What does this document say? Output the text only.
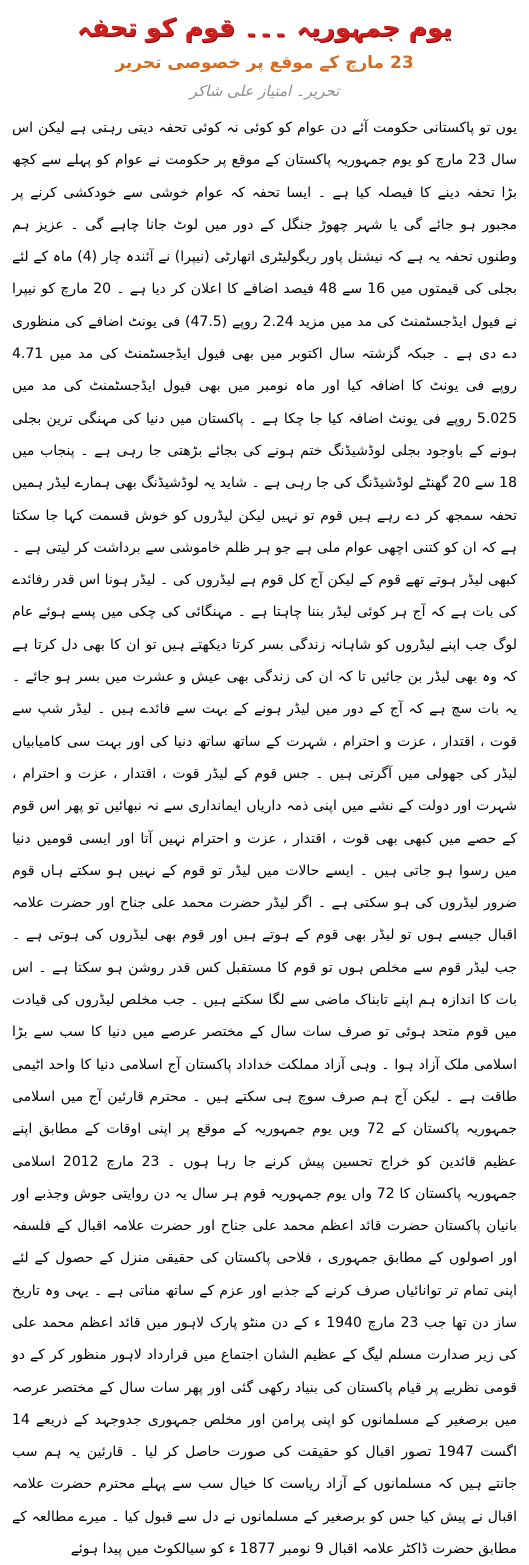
یوم جمہوریہ ۔۔۔ قوم کو تحفہ
23 مارچ کے موقع پر خصوصی تحریر
تحریر۔ امتیاز علی شاکر

یوں تو پاکستانی حکومت آئے دن عوام کو کوئی نہ کوئی تحفہ دیتی رہتی ہے لیکن اس سال 23 مارچ کو یوم جمہوریہ پاکستان کے موقع پر حکومت نے عوام کو پہلے سے کچھ بڑا تحفہ دینے کا فیصلہ کیا ہے ۔ ایسا تحفہ کہ عوام خوشی سے خودکشی کرنے پر مجبور ہو جائے گی یا شہر چھوڑ جنگل کے دور میں لوٹ جانا چاہے گی ۔ عزیز ہم وطنوں تحفہ یہ ہے کہ نیشنل پاور ریگولیٹری اتھارٹی (نیپرا) نے آئندہ چار (4) ماہ کے لئے بجلی کی قیمتوں میں 16 سے 48 فیصد اضافے کا اعلان کر دیا ہے ۔ 20 مارچ کو نیپرا نے فیول ایڈجسٹمنٹ کی مد میں مزید 2.24 روپے (47.5) فی یونٹ اضافے کی منظوری دے دی ہے ۔ جبکہ گزشتہ سال اکتوبر میں بھی فیول ایڈجسٹمنٹ کی مد میں 4.71 روپے فی یونٹ کا اضافہ کیا اور ماہ نومبر میں بھی فیول ایڈجسٹمنٹ کی مد میں 5.025 روپے فی یونٹ اضافہ کیا جا چکا ہے ۔ پاکستان میں دنیا کی مہنگی ترین بجلی ہونے کے باوجود بجلی لوڈشیڈنگ ختم ہونے کی بجائے بڑھتی جا رہی ہے ۔ پنجاب میں 18 سے 20 گھنٹے لوڈشیڈنگ کی جا رہی ہے ۔ شاید یہ لوڈشیڈنگ بھی ہمارے لیڈر ہمیں تحفہ سمجھ کر دے رہے ہیں قوم تو نہیں لیکن لیڈروں کو خوش قسمت کہا جا سکتا ہے کہ ان کو کتنی اچھی عوام ملی ہے جو ہر ظلم خاموشی سے برداشت کر لیتی ہے ۔ کبھی لیڈر ہوتے تھے قوم کے لیکن آج کل قوم ہے لیڈروں کی ۔ لیڈر ہونا اس قدر رفائدے کی بات ہے کہ آج ہر کوئی لیڈر بننا چاہتا ہے ۔ مہنگائی کی چکی میں پسے ہوئے عام لوگ جب اپنے لیڈروں کو شاہانہ زندگی بسر کرتا دیکھتے ہیں تو ان کا بھی دل کرتا ہے کہ وہ بھی لیڈر بن جائیں تا کہ ان کی زندگی بھی عیش و عشرت میں بسر ہو جائے ۔ یہ بات سچ ہے کہ آج کے دور میں لیڈر ہونے کے بہت سے فائدے ہیں ۔ لیڈر شپ سے قوت ، اقتدار ، عزت و احترام ، شہرت کے ساتھ ساتھ دنیا کی اور بہت سی کامیابیاں لیڈر کی جھولی میں آگرتی ہیں ۔ جس قوم کے لیڈر قوت ، اقتدار ، عزت و احترام ، شہرت اور دولت کے نشے میں اپنی ذمہ داریاں ایمانداری سے نہ نبھائیں تو پھر اس قوم کے حصے میں کبھی بھی قوت ، اقتدار ، عزت و احترام نہیں آتا اور ایسی قومیں دنیا میں رسوا ہو جاتی ہیں ۔ ایسے حالات میں لیڈر تو قوم کے نہیں ہو سکتے ہاں قوم ضرور لیڈروں کی ہو سکتی ہے ۔ اگر لیڈر حضرت محمد علی جناح اور حضرت علامہ اقبال جیسے ہوں تو لیڈر بھی قوم کے ہوتے ہیں اور قوم بھی لیڈروں کی ہوتی ہے ۔ جب لیڈر قوم سے مخلص ہوں تو قوم کا مستقبل کس قدر روشن ہو سکتا ہے ۔ اس بات کا اندازہ ہم اپنے تابناک ماضی سے لگا سکتے ہیں ۔ جب مخلص لیڈروں کی قیادت میں قوم متحد ہوئی تو صرف سات سال کے مختصر عرصے میں دنیا کا سب سے بڑا اسلامی ملک آزاد ہوا ۔ وہی آزاد مملکت خداداد پاکستان آج اسلامی دنیا کا واحد اٹیمی طاقت ہے ۔ لیکن آج ہم صرف سوچ ہی سکتے ہیں ۔ محترم قارئین آج میں اسلامی جمہوریہ پاکستان کے 72 ویں یوم جمہوریہ کے موقع پر اپنی اوقات کے مطابق اپنے عظیم قائدین کو خراج تحسین پیش کرنے جا رہا ہوں ۔ 23 مارچ 2012 اسلامی جمہوریہ پاکستان کا 72 واں یوم جمہوریہ قوم ہر سال یہ دن روایتی جوش وجذبے اور بانیان پاکستان حضرت قائد اعظم محمد علی جناح اور حضرت علامہ اقبال کے فلسفہ اور اصولوں کے مطابق جمہوری ، فلاحی پاکستان کی حقیقی منزل کے حصول کے لئے اپنی تمام تر توانائیاں صرف کرنے کے جذبے اور عزم کے ساتھ مناتی ہے ۔ یہی وہ تاریخ ساز دن تھا جب 23 مارچ 1940 ء کے دن منٹو پارک لاہور میں قائد اعظم محمد علی کی زیر صدارت مسلم لیگ کے عظیم الشان اجتماع میں قرارداد لاہور منظور کر کے دو قومی نظریے پر قیام پاکستان کی بنیاد رکھی گئی اور پھر سات سال کے مختصر عرصہ میں برصغیر کے مسلمانوں کو اپنی پرامن اور مخلص جمہوری جدوجہد کے ذریعے 14 اگست 1947 تصور اقبال کو حقیقت کی صورت حاصل کر لیا ۔ قارئین یہ ہم سب جانتے ہیں کہ مسلمانوں کے آزاد ریاست کا خیال سب سے پہلے محترم حضرت علامہ اقبال نے پیش کیا جس کو برصغیر کے مسلمانوں نے دل سے قبول کیا ۔ میرے مطالعہ کے مطابق حضرت ڈاکٹر علامہ اقبال 9 نومبر 1877 ء کو سیالکوٹ میں پیدا ہوئے
